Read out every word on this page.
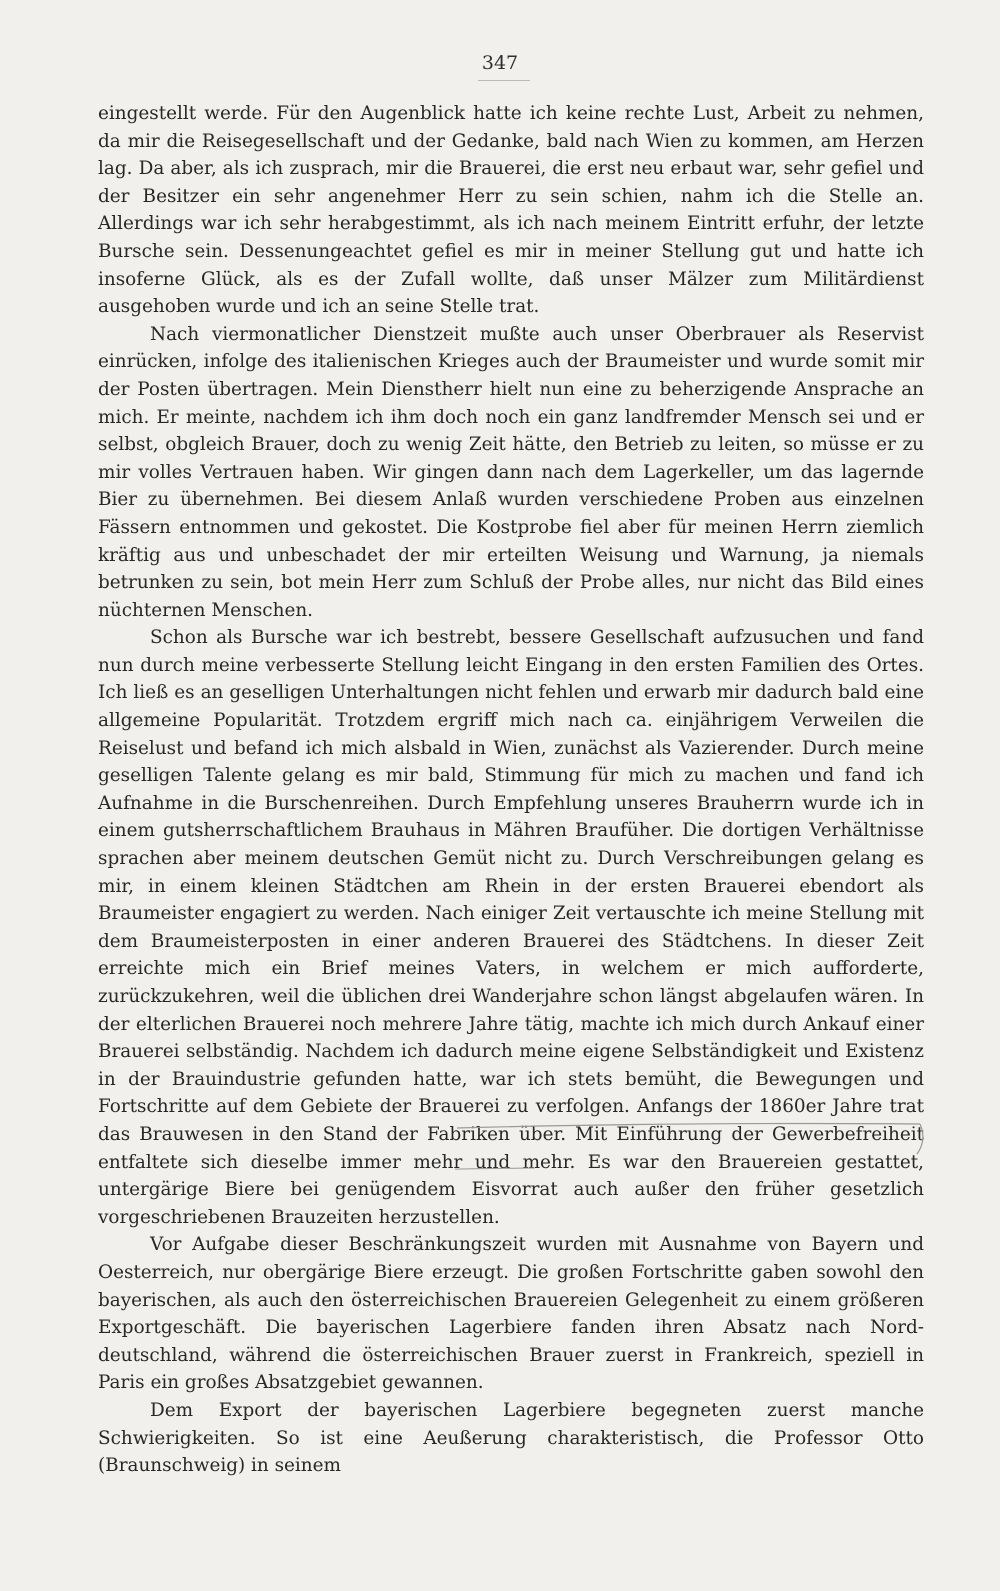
347

eingestellt werde. Für den Augenblick hatte ich keine rechte Lust, Arbeit zu nehmen, da mir die Reisegesellschaft und der Gedanke, bald nach Wien zu kommen, am Herzen lag. Da aber, als ich zusprach, mir die Brauerei, die erst neu erbaut war, sehr gefiel und der Besitzer ein sehr angenehmer Herr zu sein schien, nahm ich die Stelle an. Allerdings war ich sehr herabgestimmt, als ich nach meinem Eintritt erfuhr, der letzte Bursche sein. Dessenungeachtet gefiel es mir in meiner Stellung gut und hatte ich insoferne Glück, als es der Zufall wollte, daß unser Mälzer zum Militärdienst ausgehoben wurde und ich an seine Stelle trat.

Nach viermonatlicher Dienstzeit mußte auch unser Oberbrauer als Reservist einrücken, infolge des italienischen Krieges auch der Braumeister und wurde somit mir der Posten übertragen. Mein Dienstherr hielt nun eine zu beherzigende Ansprache an mich. Er meinte, nachdem ich ihm doch noch ein ganz landfremder Mensch sei und er selbst, obgleich Brauer, doch zu wenig Zeit hätte, den Betrieb zu leiten, so müsse er zu mir volles Vertrauen haben. Wir gingen dann nach dem Lagerkeller, um das lagernde Bier zu übernehmen. Bei diesem Anlaß wurden verschiedene Proben aus einzelnen Fässern entnommen und gekostet. Die Kostprobe fiel aber für meinen Herrn ziemlich kräftig aus und unbeschadet der mir erteilten Weisung und Warnung, ja niemals betrunken zu sein, bot mein Herr zum Schluß der Probe alles, nur nicht das Bild eines nüchternen Menschen.

Schon als Bursche war ich bestrebt, bessere Gesellschaft aufzusuchen und fand nun durch meine verbesserte Stellung leicht Eingang in den ersten Familien des Ortes. Ich ließ es an geselligen Unterhaltungen nicht fehlen und erwarb mir dadurch bald eine allgemeine Popularität. Trotzdem ergriff mich nach ca. einjährigem Verweilen die Reiselust und befand ich mich alsbald in Wien, zunächst als Vazierender. Durch meine geselligen Talente gelang es mir bald, Stimmung für mich zu machen und fand ich Aufnahme in die Burschenreihen. Durch Empfehlung unseres Brauherrn wurde ich in einem gutsherrschaftlichem Brauhaus in Mähren Braufüher. Die dortigen Verhältnisse sprachen aber meinem deutschen Gemüt nicht zu. Durch Verschreibungen gelang es mir, in einem kleinen Städtchen am Rhein in der ersten Brauerei ebendort als Braumeister engagiert zu werden. Nach einiger Zeit vertauschte ich meine Stellung mit dem Braumeisterposten in einer anderen Brauerei des Städtchens. In dieser Zeit erreichte mich ein Brief meines Vaters, in welchem er mich aufforderte, zurückzukehren, weil die üblichen drei Wanderjahre schon längst abgelaufen wären. In der elterlichen Brauerei noch mehrere Jahre tätig, machte ich mich durch Ankauf einer Brauerei selbständig. Nachdem ich dadurch meine eigene Selbständigkeit und Existenz in der Brauindustrie gefunden hatte, war ich stets bemüht, die Bewegungen und Fortschritte auf dem Gebiete der Brauerei zu verfolgen. Anfangs der 1860er Jahre trat das Brauwesen in den Stand der Fabriken über. Mit Einführung der Gewerbefreiheit entfaltete sich dieselbe immer mehr und mehr. Es war den Brauereien gestattet, untergärige Biere bei genügendem Eisvorrat auch außer den früher gesetzlich vorgeschriebenen Brauzeiten herzustellen.

Vor Aufgabe dieser Beschränkungszeit wurden mit Ausnahme von Bayern und Oesterreich, nur obergärige Biere erzeugt. Die großen Fortschritte gaben sowohl den bayerischen, als auch den österreichischen Brauereien Gelegenheit zu einem größeren Exportgeschäft. Die bayerischen Lagerbiere fanden ihren Absatz nach Norddeutschland, während die österreichischen Brauer zuerst in Frankreich, speziell in Paris ein großes Absatzgebiet gewannen.

Dem Export der bayerischen Lagerbiere begegneten zuerst manche Schwierigkeiten. So ist eine Aeußerung charakteristisch, die Professor Otto (Braunschweig) in seinem
